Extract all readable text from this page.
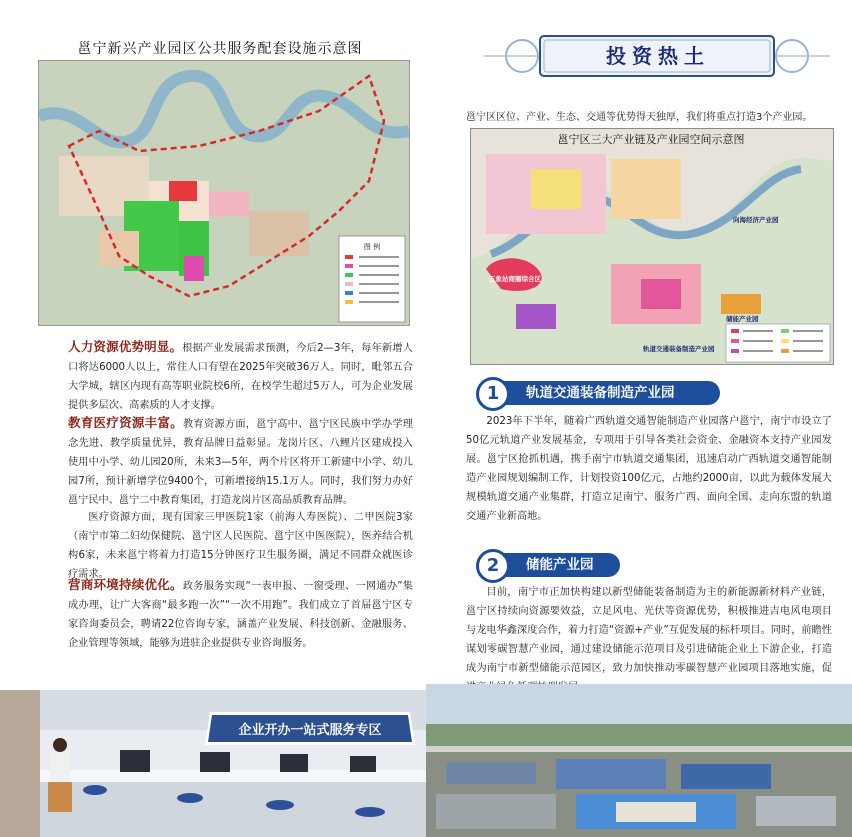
邕宁新兴产业园区公共服务配套设施示意图
图 例
人力资源优势明显。根据产业发展需求预测，今后2—3年，每年新增人口将达6000人以上，常住人口有望在2025年突破36万人。同时，毗邻五合大学城，辖区内现有高等职业院校6所，在校学生超过5万人，可为企业发展提供多层次、高素质的人才支撑。
教育医疗资源丰富。教育资源方面，邕宁高中、邕宁区民族中学办学理念先进、教学质量优异，教育品牌日益彰显。龙岗片区、八鲤片区建成投入使用中小学、幼儿园20所，未来3—5年，两个片区将开工新建中小学、幼儿园7所，预计新增学位9400个，可新增接纳15.1万人。同时，我们努力办好邕宁民中、邕宁二中教育集团，打造龙岗片区高品质教育品牌。
医疗资源方面，现有国家三甲医院1家（前海人寿医院）、二甲医院3家（南宁市第二妇幼保健院、邕宁区人民医院、邕宁区中医医院），医养结合机构6家，未来邕宁将着力打造15分钟医疗卫生服务圈，满足不同群众就医诊疗需求。
营商环境持续优化。政务服务实现“一表申报、一窗受理、一网通办”集成办理，让广大客商“最多跑一次”“一次不用跑”。我们成立了首届邕宁区专家咨询委员会，聘请22位咨询专家，涵盖产业发展、科技创新、金融服务、企业管理等领域，能够为进驻企业提供专业咨询服务。
企业开办一站式服务专区
投资热土
邕宁区区位、产业、生态、交通等优势得天独厚，我们将重点打造3个产业园。
向海经济产业园
五象站商圈综合区
储能产业园
轨道交通装备制造产业园
邕宁区三大产业链及产业园空间示意图
轨道交通装备制造产业园
1
2023年下半年，随着广西轨道交通智能制造产业园落户邕宁，南宁市设立了50亿元轨道产业发展基金，专项用于引导各类社会资金、金融资本支持产业园发展。邕宁区抢抓机遇，携手南宁市轨道交通集团，迅速启动广西轨道交通智能制造产业园规划编制工作，计划投资100亿元，占地约2000亩，以此为载体发展大规模轨道交通产业集群，打造立足南宁、服务广西、面向全国、走向东盟的轨道交通产业新高地。
储能产业园
2
目前，南宁市正加快构建以新型储能装备制造为主的新能源新材料产业链，邕宁区持续向资源要效益，立足风电、光伏等资源优势，积极推进吉电风电项目与龙电华鑫深度合作，着力打造“资源+产业”互促发展的标杆项目。同时，前瞻性谋划零碳智慧产业园，通过建设储能示范项目及引进储能企业上下游企业，打造成为南宁市新型储能示范园区，致力加快推动零碳智慧产业园项目落地实施，促
